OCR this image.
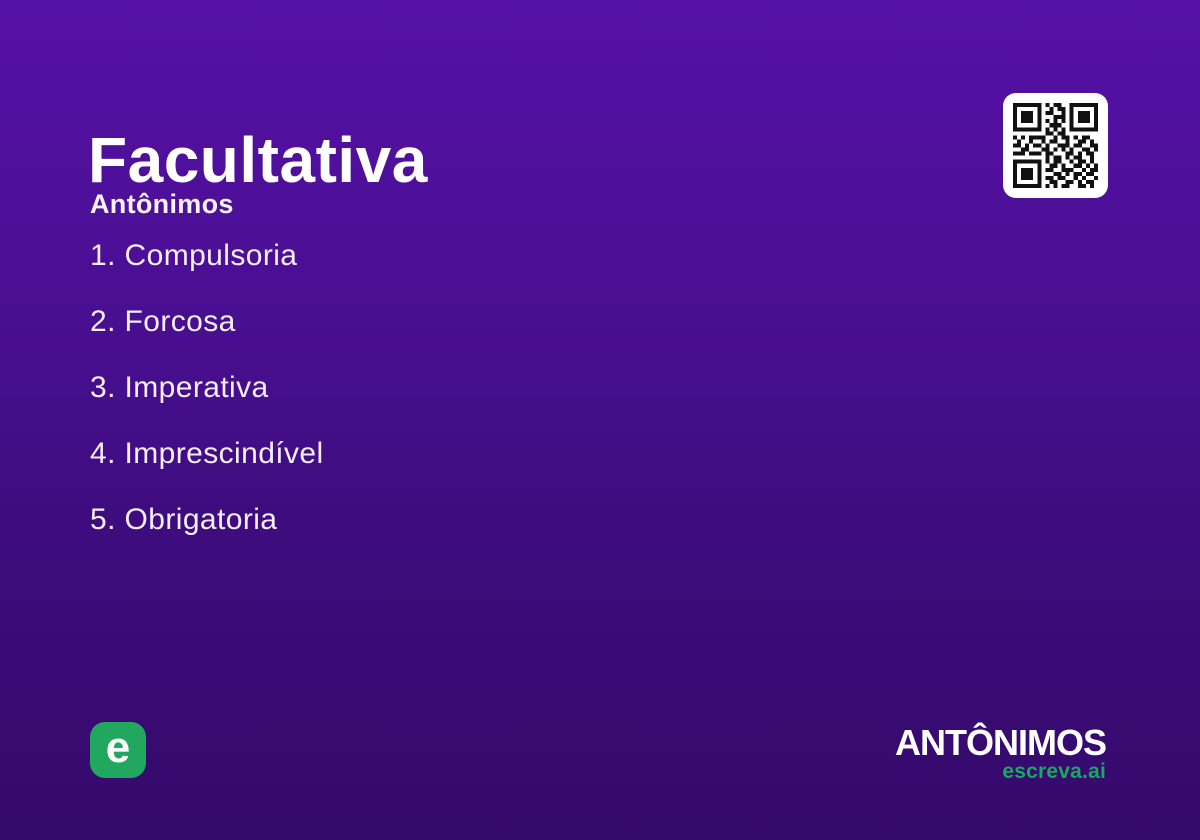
Facultativa
Antônimos
1. Compulsoria
2. Forcosa
3. Imperativa
4. Imprescindível
5. Obrigatoria
e	ANTÔNIMOS
escreva.ai
